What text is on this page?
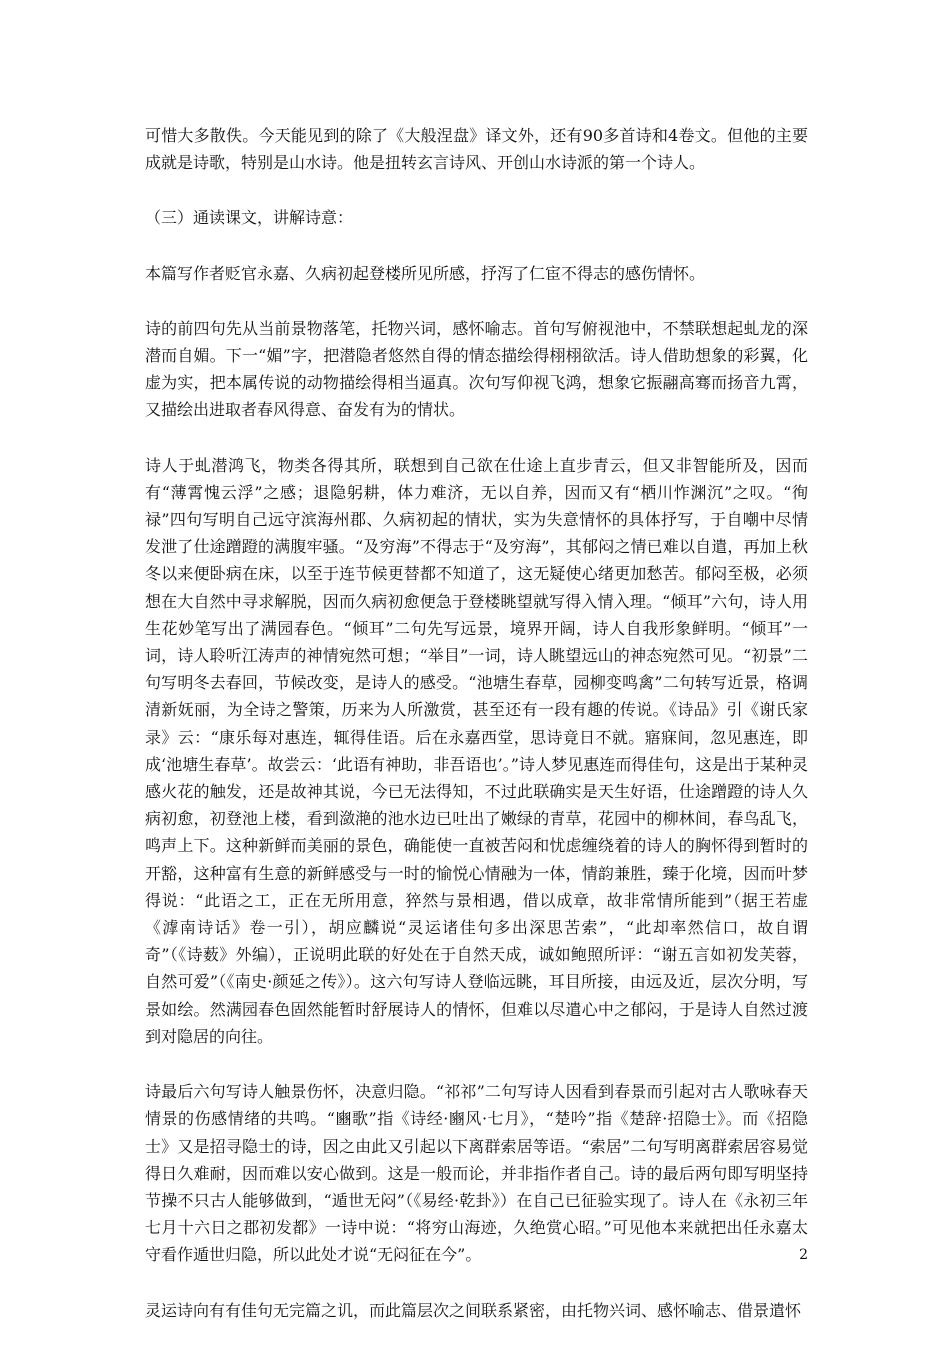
可惜大多散佚。今天能见到的除了《大般涅盘》译文外，还有90多首诗和4卷文。但他的主要成就是诗歌，特别是山水诗。他是扭转玄言诗风、开创山水诗派的第一个诗人。

（三）通读课文，讲解诗意：

本篇写作者贬官永嘉、久病初起登楼所见所感，抒泻了仁宦不得志的感伤情怀。

诗的前四句先从当前景物落笔，托物兴词，感怀喻志。首句写俯视池中，不禁联想起虬龙的深潜而自媚。下一“媚”字，把潜隐者悠然自得的情态描绘得栩栩欲活。诗人借助想象的彩翼，化虚为实，把本属传说的动物描绘得相当逼真。次句写仰视飞鸿，想象它振翮高骞而扬音九霄，又描绘出进取者春风得意、奋发有为的情状。

诗人于虬潜鸿飞，物类各得其所，联想到自己欲在仕途上直步青云，但又非智能所及，因而有“薄霄愧云浮”之感；退隐躬耕，体力难济，无以自养，因而又有“栖川怍渊沉”之叹。“徇禄”四句写明自己远守滨海州郡、久病初起的情状，实为失意情怀的具体抒写，于自嘲中尽情发泄了仕途蹭蹬的满腹牢骚。“及穷海”不得志于“及穷海”，其郁闷之情已难以自遣，再加上秋冬以来便卧病在床，以至于连节候更替都不知道了，这无疑使心绪更加愁苦。郁闷至极，必须想在大自然中寻求解脱，因而久病初愈便急于登楼眺望就写得入情入理。“倾耳”六句，诗人用生花妙笔写出了满园春色。“倾耳”二句先写远景，境界开阔，诗人自我形象鲜明。“倾耳”一词，诗人聆听江涛声的神情宛然可想；“举目”一词，诗人眺望远山的神态宛然可见。“初景”二句写明冬去春回，节候改变，是诗人的感受。“池塘生春草，园柳变鸣禽”二句转写近景，格调清新妩丽，为全诗之警策，历来为人所激赏，甚至还有一段有趣的传说。《诗品》引《谢氏家录》云：“康乐每对惠连，辄得佳语。后在永嘉西堂，思诗竟日不就。寤寐间，忽见惠连，即成‘池塘生春草’。故尝云：‘此语有神助，非吾语也’。”诗人梦见惠连而得佳句，这是出于某种灵感火花的触发，还是故神其说，今已无法得知，不过此联确实是天生好语，仕途蹭蹬的诗人久病初愈，初登池上楼，看到潋滟的池水边已吐出了嫩绿的青草，花园中的柳林间，春鸟乱飞，鸣声上下。这种新鲜而美丽的景色，确能使一直被苦闷和忧虑缠绕着的诗人的胸怀得到暂时的开豁，这种富有生意的新鲜感受与一时的愉悦心情融为一体，情韵兼胜，臻于化境，因而叶梦得说：“此语之工，正在无所用意，猝然与景相遇，借以成章，故非常情所能到”（据王若虚《滹南诗话》卷一引），胡应麟说“灵运诸佳句多出深思苦索”，“此却率然信口，故自谓奇”（《诗薮》外编），正说明此联的好处在于自然天成，诚如鲍照所评：“谢五言如初发芙蓉，自然可爱”（《南史·颜延之传》）。这六句写诗人登临远眺，耳目所接，由远及近，层次分明，写景如绘。然满园春色固然能暂时舒展诗人的情怀，但难以尽遣心中之郁闷，于是诗人自然过渡到对隐居的向往。

诗最后六句写诗人触景伤怀，决意归隐。“祁祁”二句写诗人因看到春景而引起对古人歌咏春天情景的伤感情绪的共鸣。“豳歌”指《诗经·豳风·七月》，“楚吟”指《楚辞·招隐士》。而《招隐士》又是招寻隐士的诗，因之由此又引起以下离群索居等语。“索居”二句写明离群索居容易觉得日久难耐，因而难以安心做到。这是一般而论，并非指作者自己。诗的最后两句即写明坚持节操不只古人能够做到，“遁世无闷”（《易经·乾卦》）在自己已征验实现了。诗人在《永初三年七月十六日之郡初发都》一诗中说：“将穷山海迹，久绝赏心昭。”可见他本来就把出任永嘉太守看作遁世归隐，所以此处才说“无闷征在今”。

灵运诗向有有佳句无完篇之讥，而此篇层次之间联系紧密，由托物兴词、感怀喻志、借景遣怀

2
